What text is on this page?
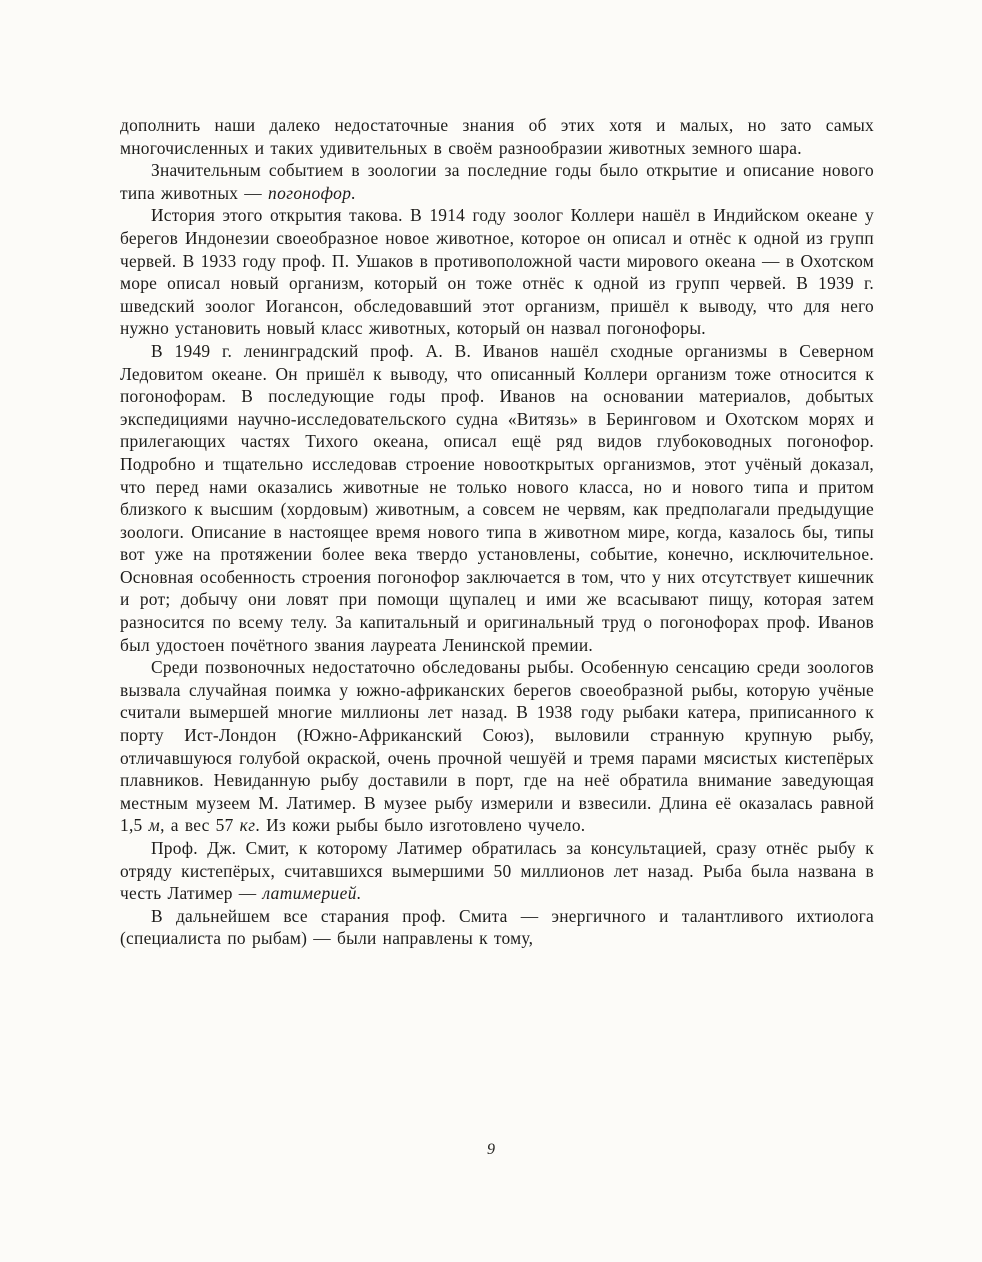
дополнить наши далеко недостаточные знания об этих хотя и малых, но зато самых многочисленных и таких удивительных в своём разнообразии животных земного шара.

Значительным событием в зоологии за последние годы было открытие и описание нового типа животных — погонофор.

История этого открытия такова. В 1914 году зоолог Коллери нашёл в Индийском океане у берегов Индонезии своеобразное новое животное, которое он описал и отнёс к одной из групп червей. В 1933 году проф. П. Ушаков в противоположной части мирового океана — в Охотском море описал новый организм, который он тоже отнёс к одной из групп червей. В 1939 г. шведский зоолог Иогансон, обследовавший этот организм, пришёл к выводу, что для него нужно установить новый класс животных, который он назвал погонофоры.

В 1949 г. ленинградский проф. А. В. Иванов нашёл сходные организмы в Северном Ледовитом океане. Он пришёл к выводу, что описанный Коллери организм тоже относится к погонофорам. В последующие годы проф. Иванов на основании материалов, добытых экспедициями научно-исследовательского судна «Витязь» в Беринговом и Охотском морях и прилегающих частях Тихого океана, описал ещё ряд видов глубоководных погонофор. Подробно и тщательно исследовав строение новооткрытых организмов, этот учёный доказал, что перед нами оказались животные не только нового класса, но и нового типа и притом близкого к высшим (хордовым) животным, а совсем не червям, как предполагали предыдущие зоологи. Описание в настоящее время нового типа в животном мире, когда, казалось бы, типы вот уже на протяжении более века твердо установлены, событие, конечно, исключительное. Основная особенность строения погонофор заключается в том, что у них отсутствует кишечник и рот; добычу они ловят при помощи щупалец и ими же всасывают пищу, которая затем разносится по всему телу. За капитальный и оригинальный труд о погонофорах проф. Иванов был удостоен почётного звания лауреата Ленинской премии.

Среди позвоночных недостаточно обследованы рыбы. Особенную сенсацию среди зоологов вызвала случайная поимка у южно-африканских берегов своеобразной рыбы, которую учёные считали вымершей многие миллионы лет назад. В 1938 году рыбаки катера, приписанного к порту Ист-Лондон (Южно-Африканский Союз), выловили странную крупную рыбу, отличавшуюся голубой окраской, очень прочной чешуёй и тремя парами мясистых кистепёрых плавников. Невиданную рыбу доставили в порт, где на неё обратила внимание заведующая местным музеем М. Латимер. В музее рыбу измерили и взвесили. Длина её оказалась равной 1,5 м, а вес 57 кг. Из кожи рыбы было изготовлено чучело.

Проф. Дж. Смит, к которому Латимер обратилась за консультацией, сразу отнёс рыбу к отряду кистепёрых, считавшихся вымершими 50 миллионов лет назад. Рыба была названа в честь Латимер — латимерией.

В дальнейшем все старания проф. Смита — энергичного и талантливого ихтиолога (специалиста по рыбам) — были направлены к тому,

9
